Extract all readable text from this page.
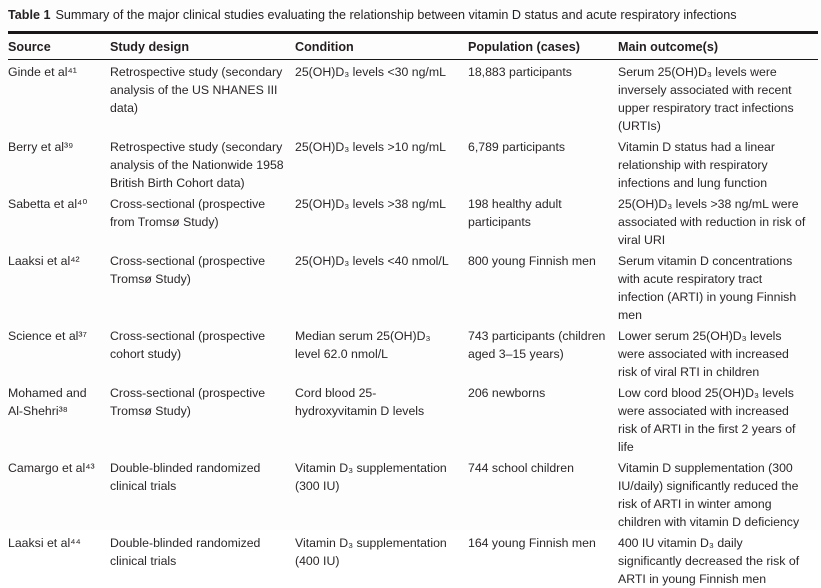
Table 1 Summary of the major clinical studies evaluating the relationship between vitamin D status and acute respiratory infections
Source	Study design	Condition	Population (cases)	Main outcome(s)
Ginde et al⁴¹	Retrospective study (secondary analysis of the US NHANES III data)	25(OH)D₃ levels <30 ng/mL	18,883 participants	Serum 25(OH)D₃ levels were inversely associated with recent upper respiratory tract infections (URTIs)
Berry et al³⁹	Retrospective study (secondary analysis of the Nationwide 1958 British Birth Cohort data)	25(OH)D₃ levels >10 ng/mL	6,789 participants	Vitamin D status had a linear relationship with respiratory infections and lung function
Sabetta et al⁴⁰	Cross-sectional (prospective from Tromsø Study)	25(OH)D₃ levels >38 ng/mL	198 healthy adult participants	25(OH)D₃ levels >38 ng/mL were associated with reduction in risk of viral URI
Laaksi et al⁴²	Cross-sectional (prospective Tromsø Study)	25(OH)D₃ levels <40 nmol/L	800 young Finnish men	Serum vitamin D concentrations with acute respiratory tract infection (ARTI) in young Finnish men
Science et al³⁷	Cross-sectional (prospective cohort study)	Median serum 25(OH)D₃ level 62.0 nmol/L	743 participants (children aged 3–15 years)	Lower serum 25(OH)D₃ levels were associated with increased risk of viral RTI in children
Mohamed and Al-Shehri³⁸	Cross-sectional (prospective Tromsø Study)	Cord blood 25-hydroxyvitamin D levels	206 newborns	Low cord blood 25(OH)D₃ levels were associated with increased risk of ARTI in the first 2 years of life
Camargo et al⁴³	Double-blinded randomized clinical trials	Vitamin D₃ supplementation (300 IU)	744 school children	Vitamin D supplementation (300 IU/daily) significantly reduced the risk of ARTI in winter among children with vitamin D deficiency
Laaksi et al⁴⁴	Double-blinded randomized clinical trials	Vitamin D₃ supplementation (400 IU)	164 young Finnish men	400 IU vitamin D₃ daily significantly decreased the risk of ARTI in young Finnish men
